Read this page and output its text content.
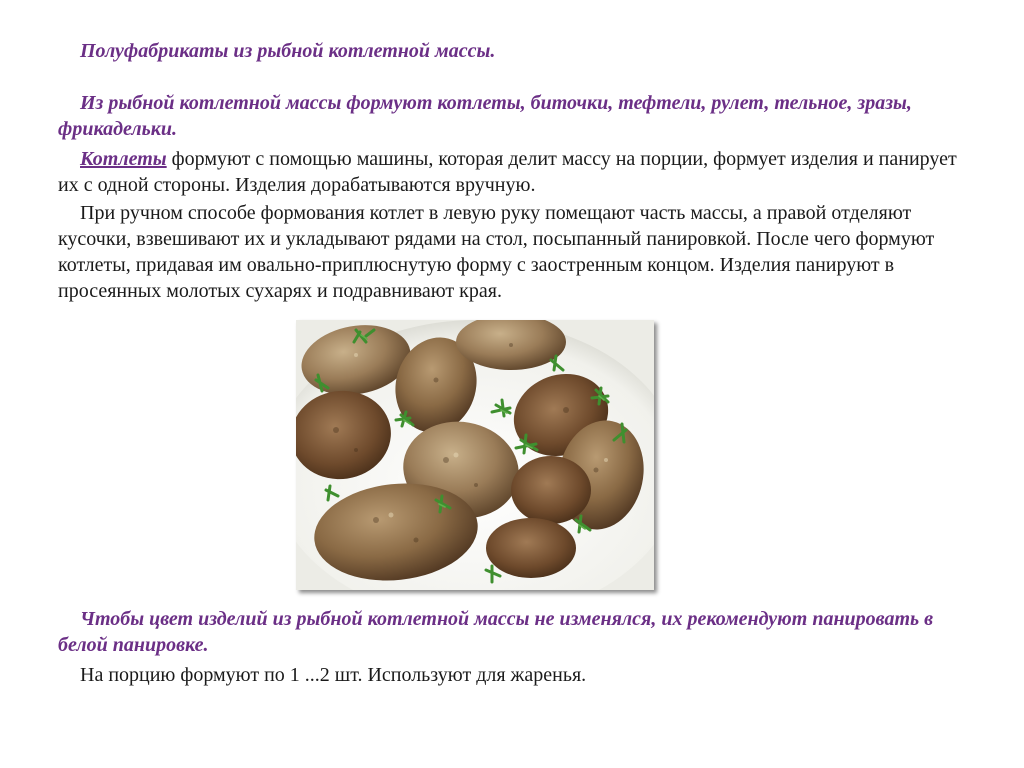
Полуфабрикаты из рыбной котлетной массы.

Из рыбной котлетной массы формуют котлеты, биточки, тефтели, рулет, тельное, зразы, фрикадельки.

Котлеты формуют с помощью машины, которая делит массу на порции, формует изделия и панирует их с одной стороны. Изделия дорабатываются вручную.

При ручном способе формования котлет в левую руку помещают часть массы, а правой отделяют кусочки, взвешивают их и укладывают рядами на стол, посыпанный панировкой. После чего формуют котлеты, придавая им овально-приплюснутую форму с заостренным концом. Изделия панируют в просеянных молотых сухарях и подравнивают края.

Чтобы цвет изделий из рыбной котлетной массы не изменялся, их рекомендуют панировать в белой панировке.

На порцию формуют по 1 ...2 шт. Используют для жаренья.
